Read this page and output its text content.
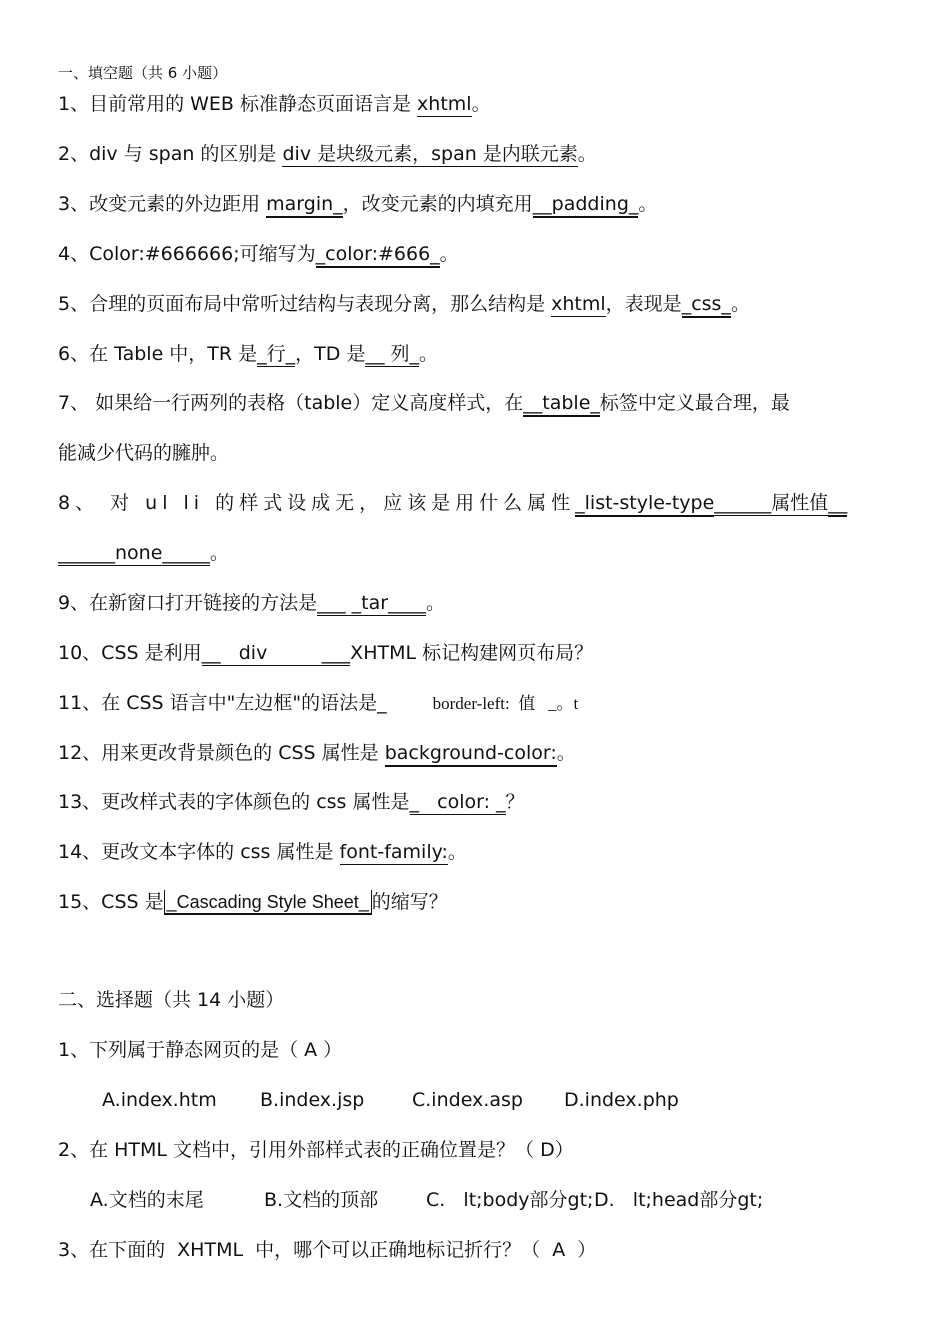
一、填空题（共 6 小题）
1、目前常用的 WEB 标准静态页面语言是 xhtml。
2、div 与 span 的区别是 div 是块级元素，span 是内联元素。
3、改变元素的外边距用 margin_，改变元素的内填充用__padding_。
4、Color:#666666;可缩写为_color:#666_。
5、合理的页面布局中常听过结构与表现分离，那么结构是 xhtml，表现是_css_。
6、在 Table 中，TR 是_行_，TD 是__ 列_。
7、 如果给一行两列的表格（table）定义高度样式，在__table_标签中定义最合理，最
能减少代码的臃肿。
8、 对 ul li 的样式设成无，应该是用什么属性_list-style-type______属性值__
______none_____。
9、在新窗口打开链接的方法是___ _tar____。
10、CSS 是利用__   div         ___XHTML 标记构建网页布局？
11、在 CSS 语言中"左边框"的语法是_	border-left:  值   _。t
12、用来更改背景颜色的 CSS 属性是 background-color:。
13、更改样式表的字体颜色的 css 属性是_   color: _？
14、更改文本字体的 css 属性是 font-family:。
15、CSS 是 _Cascading Style Sheet_ 的缩写？
二、选择题（共 14 小题）
1、下列属于静态网页的是（ A ）
A.index.htm B.index.jsp	C.index.asp D.index.php
2、在 HTML 文档中，引用外部样式表的正确位置是？（ D）
A.文档的末尾	B.文档的顶部	C.   lt;body部分gt;D.   lt;head部分gt;
3、在下面的  XHTML  中，哪个可以正确地标记折行？（  A  ）
